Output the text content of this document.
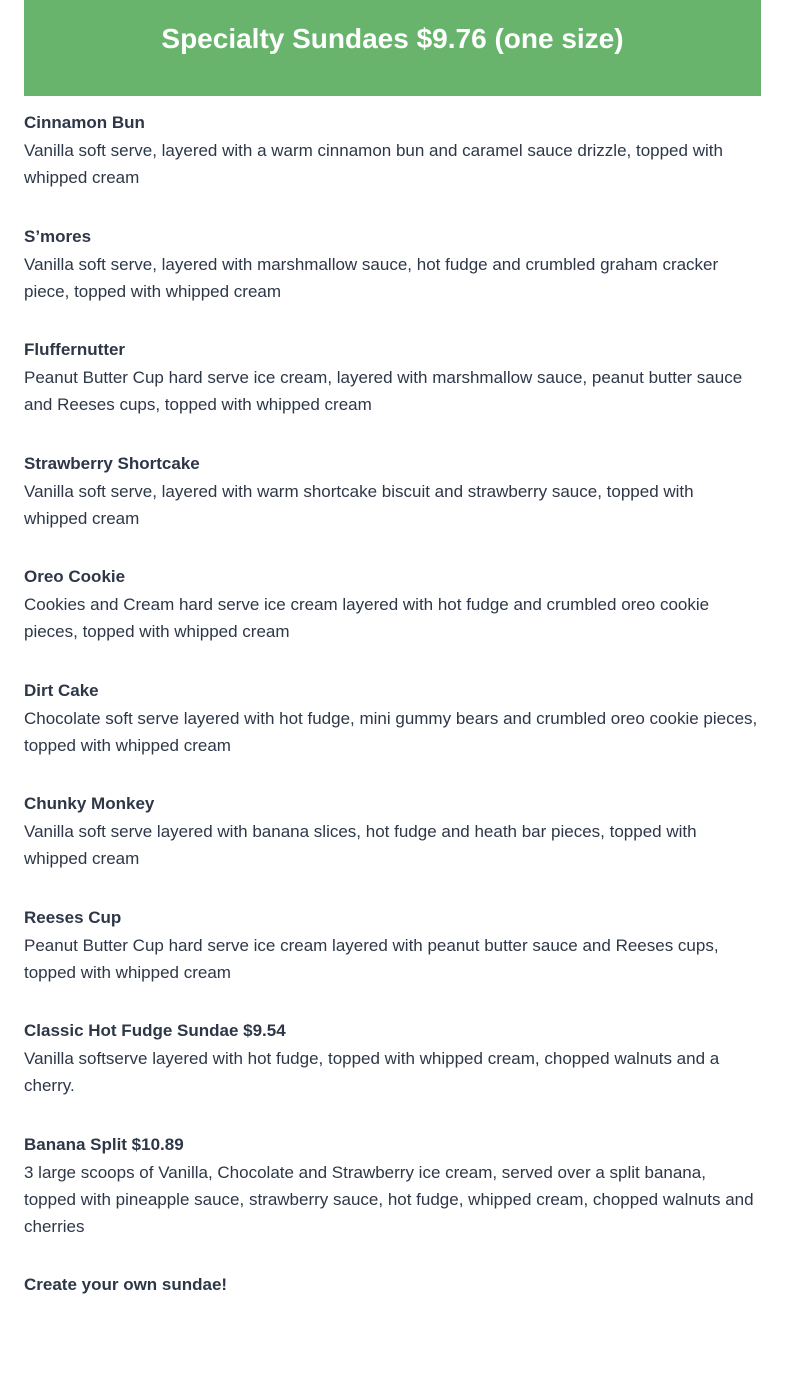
Specialty Sundaes $9.76 (one size)

Cinnamon Bun

Vanilla soft serve, layered with a warm cinnamon bun and caramel sauce drizzle, topped with whipped cream

S’mores

Vanilla soft serve, layered with marshmallow sauce, hot fudge and crumbled graham cracker piece, topped with whipped cream

Fluffernutter

Peanut Butter Cup hard serve ice cream, layered with marshmallow sauce, peanut butter sauce and Reeses cups, topped with whipped cream

Strawberry Shortcake

Vanilla soft serve, layered with warm shortcake biscuit and strawberry sauce, topped with whipped cream

Oreo Cookie

Cookies and Cream hard serve ice cream layered with hot fudge and crumbled oreo cookie pieces, topped with whipped cream

Dirt Cake

Chocolate soft serve layered with hot fudge, mini gummy bears and crumbled oreo cookie pieces, topped with whipped cream

Chunky Monkey

Vanilla soft serve layered with banana slices, hot fudge and heath bar pieces, topped with whipped cream

Reeses Cup

Peanut Butter Cup hard serve ice cream layered with peanut butter sauce and Reeses cups, topped with whipped cream

Classic Hot Fudge Sundae $9.54

Vanilla softserve layered with hot fudge, topped with whipped cream, chopped walnuts and a cherry.

Banana Split $10.89

3 large scoops of Vanilla, Chocolate and Strawberry ice cream, served over a split banana, topped with pineapple sauce, strawberry sauce, hot fudge, whipped cream, chopped walnuts and cherries

Create your own sundae!
